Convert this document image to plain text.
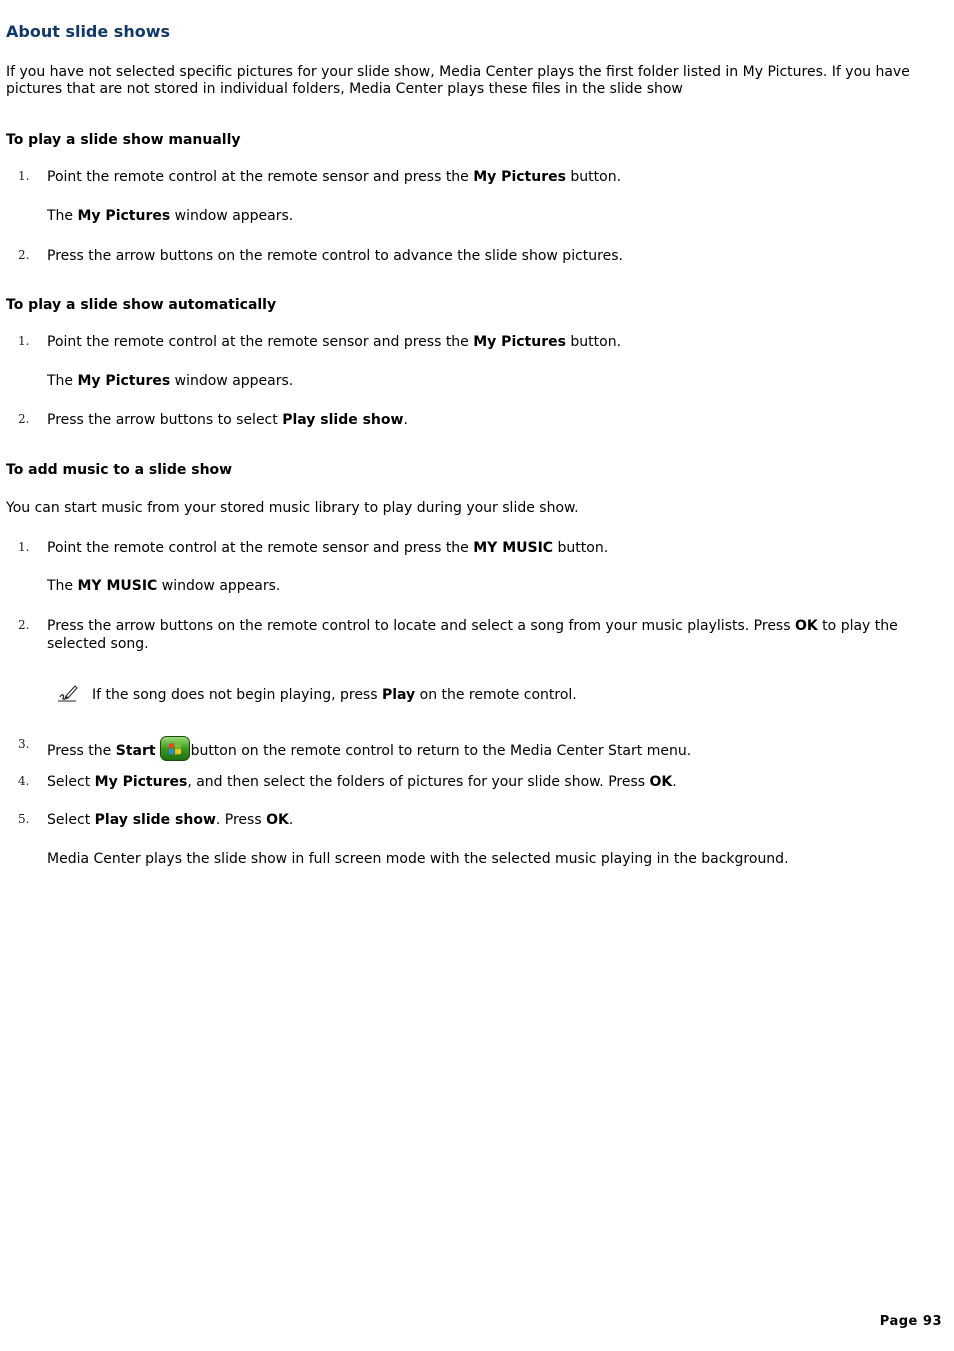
About slide shows
If you have not selected specific pictures for your slide show, Media Center plays the first folder listed in My Pictures. If you have pictures that are not stored in individual folders, Media Center plays these files in the slide show
To play a slide show manually
1. Point the remote control at the remote sensor and press the My Pictures button.
The My Pictures window appears.
2. Press the arrow buttons on the remote control to advance the slide show pictures.
To play a slide show automatically
1. Point the remote control at the remote sensor and press the My Pictures button.
The My Pictures window appears.
2. Press the arrow buttons to select Play slide show.
To add music to a slide show
You can start music from your stored music library to play during your slide show.
1. Point the remote control at the remote sensor and press the MY MUSIC button.
The MY MUSIC window appears.
2. Press the arrow buttons on the remote control to locate and select a song from your music playlists. Press OK to play the selected song.
If the song does not begin playing, press Play on the remote control.
3. Press the Start	button on the remote control to return to the Media Center Start menu.
4. Select My Pictures, and then select the folders of pictures for your slide show. Press OK.
5. Select Play slide show. Press OK.
Media Center plays the slide show in full screen mode with the selected music playing in the background.
Page 93
